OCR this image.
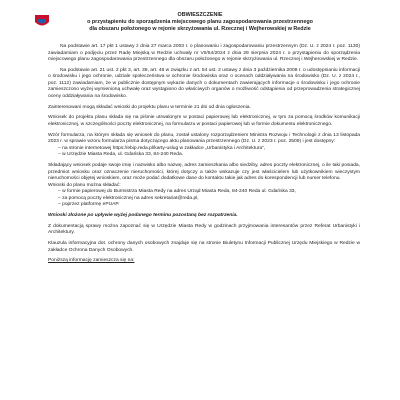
OBWIESZCZENIE
o przystąpieniu do sporządzenia miejscowego planu zagospodarowania przestrzennego
dla obszaru położonego w rejonie skrzyżowania ul. Rzecznej i Wejherowskiej w Redzie

Na podstawie art. 17 pkt 1 ustawy z dnia 27 marca 2003 r. o planowaniu i zagospodarowaniu przestrzennym (Dz. U. z 2024 r. poz. 1130) zawiadamiam o podjęciu przez Radę Miejską w Redzie uchwały nr VII/54/2024 z dnia 29 sierpnia 2024 r. o przystąpieniu do sporządzenia miejscowego planu zagospodarowania przestrzennego dla obszaru położonego w rejonie skrzyżowania ul. Rzecznej i Wejherowskiej w Redzie.

Na podstawie art. 21 ust. 2 pkt 3, art. 39, art. 48 w związku z art. 54 ust. 2 ustawy z dnia 3 października 2008 r. o udostępnianiu informacji o środowisku i jego ochronie, udziale społeczeństwa w ochronie środowiska oraz o ocenach oddziaływania na środowisko (Dz. U. z 2024 r., poz. 1112) zawiadamiam, że w publicznie dostępnym wykazie danych o dokumentach zawierających informacje o środowisku i jego ochronie zamieszczono wyżej wymienioną uchwałę oraz wystąpiono do właściwych organów o możliwość odstąpienia od przeprowadzenia strategicznej oceny oddziaływania na środowisko.

Zainteresowani mogą składać wnioski do projektu planu w terminie 21 dni od dnia ogłoszenia.

Wniosek do projektu planu składa się na piśmie utrwalonym w postaci papierowej lub elektronicznej, w tym za pomocą środków komunikacji elektronicznej, w szczególności poczty elektronicznej, na formularzu w postaci papierowej lub w formie dokumentu elektronicznego.

Wzór formularza, na którym składa się wniosek do planu, został ustalony rozporządzeniem Ministra Rozwoju i Technologii z dnia 13 listopada 2023 r. w sprawie wzoru formularza pisma dotyczącego aktu planowania przestrzennego (Dz. U. z 2023 r. poz. 2509) i jest dostępny:

– na stronie internetowej https://ebip.reda.pl/karty-uslug w zakładce „Urbanistyka i Architektura”,
– w Urzędzie Miasta Reda, ul. Gdańska 33, 84-240 Reda.

Składający wniosek podaje swoje imię i nazwisko albo nazwę, adres zamieszkania albo siedziby, adres poczty elektronicznej, o ile taki posiada, przedmiot wniosku oraz oznaczenie nieruchomości, której dotyczy a także wskazuje czy jest właścicielem lub użytkownikiem wieczystym nieruchomości objętej wnioskiem, oraz może podać dodatkowe dane do kontaktu takie jak adres do korespondencji lub numer telefonu.

Wnioski do planu można składać:

– w formie papierowej do Burmistrza Miasta Redy na adres Urząd Miasta Reda, 84-240 Reda ul. Gdańska 33,
– za pomocą poczty elektronicznej na adres sekretariat@reda.pl,
– poprzez platformę ePUAP.

Wnioski złożone po upływie wyżej podanego terminu pozostaną bez rozpatrzenia.

Z dokumentacją sprawy można zapoznać się w Urzędzie Miasta Redy w godzinach przyjmowania interesantów przez Referat Urbanistyki i Architektury.

Klauzula informacyjna dot. ochrony danych osobowych znajduje się na stronie Biuletynu Informacji Publicznej Urzędu Miejskiego w Redzie w zakładce Ochrona Danych Osobowych.

Poniższą informację zamieszcza się na:
